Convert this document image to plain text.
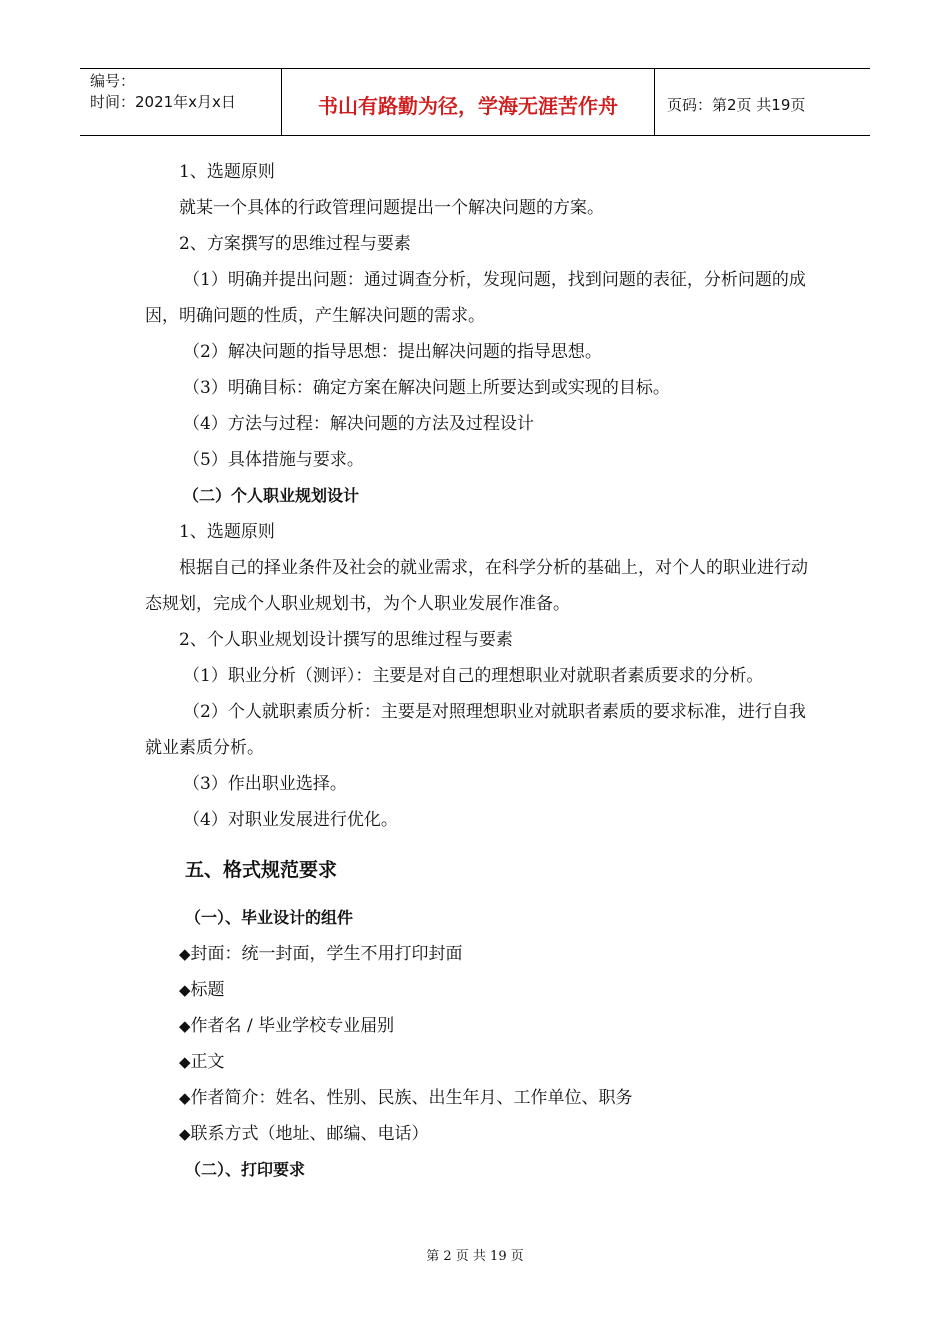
编号：
时间：2021年x月x日	书山有路勤为径，学海无涯苦作舟	页码：第2页 共19页

1、选题原则

就某一个具体的行政管理问题提出一个解决问题的方案。

2、方案撰写的思维过程与要素

（1）明确并提出问题：通过调查分析，发现问题，找到问题的表征，分析问题的成因，明确问题的性质，产生解决问题的需求。

（2）解决问题的指导思想：提出解决问题的指导思想。

（3）明确目标：确定方案在解决问题上所要达到或实现的目标。

（4）方法与过程：解决问题的方法及过程设计

（5）具体措施与要求。

（二）个人职业规划设计

1、选题原则

根据自己的择业条件及社会的就业需求，在科学分析的基础上，对个人的职业进行动态规划，完成个人职业规划书，为个人职业发展作准备。

2、个人职业规划设计撰写的思维过程与要素

（1）职业分析（测评）：主要是对自己的理想职业对就职者素质要求的分析。

（2）个人就职素质分析：主要是对照理想职业对就职者素质的要求标准，进行自我就业素质分析。

（3）作出职业选择。

（4）对职业发展进行优化。

五、格式规范要求
（一）、毕业设计的组件

◆封面：统一封面，学生不用打印封面

◆标题

◆作者名 / 毕业学校专业届别

◆正文

◆作者简介：姓名、性别、民族、出生年月、工作单位、职务

◆联系方式（地址、邮编、电话）

（二）、打印要求
第 2 页 共 19 页
